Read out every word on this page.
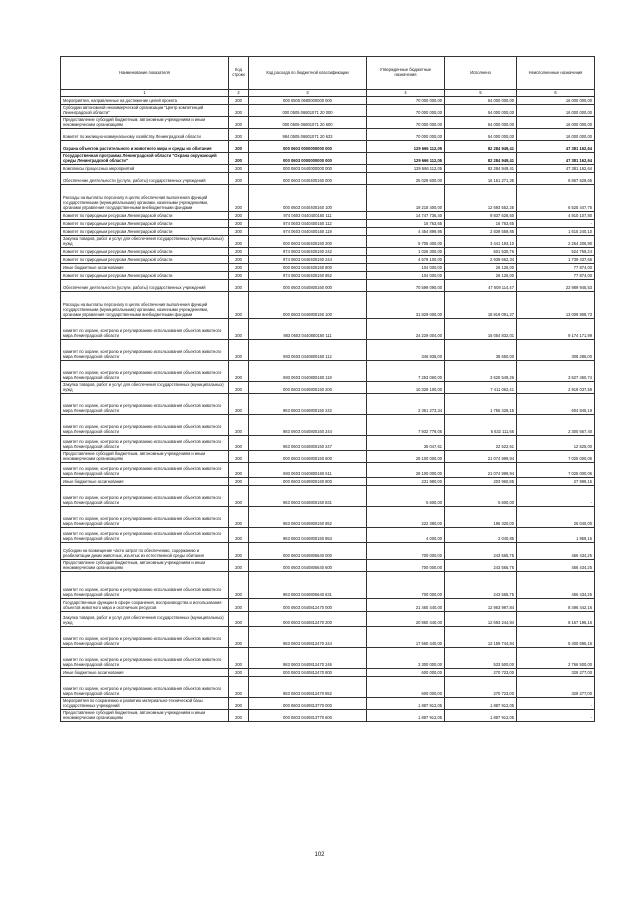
Наименование показателя	Код строки	Код расхода по бюджетной классификации	Утвержденные бюджетные назначения	Исполнено	Неисполненные назначения
1	2	3	4	5	6
Мероприятия, направленные на достижение целей проекта	200	000 0505 0680000000 000	70 000 000,00	54 000 000,00	16 000 000,00
Субсидии автономной некоммерческой организации "Центр компетенций Ленинградской области"	200	000 0505 06801071 20 000	70 000 000,00	54 000 000,00	16 000 000,00
Предоставление субсидий бюджетным, автономным учреждениям и иным некоммерческим организациям	200	000 0505 06801071 20 600	70 000 000,00	54 000 000,00	16 000 000,00
Комитет по жилищно-коммунальному хозяйству Ленинградской области	200	984 0505 06801071 20 633	70 000 000,00	54 000 000,00	16 000 000,00
Охрана объектов растительного и животного мира и среды их обитания	200	000 0603 0000000000 000	129 666 112,05	82 284 949,41	47 381 162,64
Государственная программа Ленинградской области "Охрана окружающей среды Ленинградской области"	200	000 0603 0000000000 000	129 666 112,05	82 284 949,41	47 381 162,64
Комплексы процессных мероприятий	200	000 0603 0440000000 000	129 666 112,05	82 284 949,41	47 381 162,64
Обеспечение деятельности (услуги, работы) государственных учреждений	200	000 0603 0440400160 000	25 029 600,00	16 161 271,35	8 867 528,65
Расходы на выплаты персоналу в целях обеспечения выполнения функций государственными (муниципальными) органами, казенными учреждениями, органами управления государственными внебюджетными фондами	200	000 0603 0440400160 100	19 218 400,00	12 693 552,25	6 525 447,75
Комитет по природным ресурсам Ленинградской области	200	974 0603 0440400160 111	14 747 736,40	9 837 628,60	4 910 107,80
Комитет по природным ресурсам Ленинградской области	200	974 0603 0440400160 112	16 763,65	16 763,65	-
Комитет по природным ресурсам Ленинградской области	200	974 0603 0440400160 119	4 454 899,95	2 839 559,85	1 615 240,10
Закупка товаров, работ и услуг для обеспечения государственных (муниципальных) нужд	200	000 0603 0440400160 200	5 705 400,00	3 441 193,10	2 264 206,90
Комитет по природным ресурсам Ленинградской области	200	974 0603 0440400160 242	1 026 300,00	501 530,76	524 769,24
Комитет по природным ресурсам Ленинградской области	200	974 0603 0440400160 244	4 679 100,00	2 939 662,34	1 739 437,66
Иные бюджетные ассигнования	200	000 0603 0440400160 800	104 000,00	26 126,00	77 874,00
Комитет по природным ресурсам Ленинградской области	200	974 0603 0440400160 852	104 000,00	26 126,00	77 874,00
Обеспечение деятельности (услуги, работы) государственных учреждений	200	000 0603 0440800160 000	70 599 090,00	47 609 114,47	22 989 945,53
Расходы на выплаты персоналу в целях обеспечения выполнения функций государственными (муниципальными) органами, казенными учреждениями, органами управления государственными внебюджетными фондами	200	000 0603 0440800160 100	31 829 000,00	18 819 091,27	13 009 908,73
комитет по охране, контролю и регулированию использования объектов животного мира Ленинградской области	200	983 0603 0440800160 111	24 229 004,00	15 054 832,01	9 174 171,99
комитет по охране, контролю и регулированию использования объектов животного мира Ленинградской области	200	983 0603 0440800160 112	346 936,00	38 650,00	308 286,00
комитет по охране, контролю и регулированию использования объектов животного мира Ленинградской области	200	983 0603 0440800160 119	7 253 060,00	3 625 549,26	3 527 450,74
Закупка товаров, работ и услуг для обеспечения государственных (муниципальных) нужд	200	000 0603 0440800160 200	10 329 100,00	7 411 062,41	2 918 037,59
комитет по охране, контролю и регулированию использования объектов животного мира Ленинградской области	200	983 0603 0440800160 242	2 361 273,34	1 756 428,15	604 845,19
комитет по охране, контролю и регулированию использования объектов животного мира Ленинградской области	200	983 0603 0440800160 244	7 932 779,05	5 632 111,65	2 300 667,40
комитет по охране, контролю и регулированию использования объектов животного мира Ленинградской области	200	983 0603 0440800160 247	35 047,61	22 522,61	12 525,00
Предоставление субсидий бюджетным, автономным учреждениям и иным некоммерческим организациям	200	000 0603 0440800160 600	28 100 000,00	21 074 999,94	7 025 000,06
комитет по охране, контролю и регулированию использования объектов животного мира Ленинградской области	200	983 0603 0440800160 611	28 100 000,00	21 074 999,94	7 025 000,06
Иные бюджетные ассигнования	200	000 0603 0440800160 800	231 980,00	203 960,85	27 999,15
комитет по охране, контролю и регулированию использования объектов животного мира Ленинградской области	200	983 0603 0440800160 831	5 600,00	5 600,00	-
комитет по охране, контролю и регулированию использования объектов животного мира Ленинградской области	200	983 0603 0440800160 852	222 380,00	196 320,00	26 040,00
комитет по охране, контролю и регулированию использования объектов животного мира Ленинградской области	200	983 0603 0440800160 853	4 000,00	2 040,85	1 959,15
Субсидии на возмещение части затрат по обеспечению, содержанию и реабилитации диких животных, изъятых из естественной среды обитания	200	000 0603 0440806640 000	700 000,00	243 565,75	456 434,25
Предоставление субсидий бюджетным, автономным учреждениям и иным некоммерческим организациям	200	000 0603 0440806640 600	700 000,00	243 565,75	456 434,25
комитет по охране, контролю и регулированию использования объектов животного мира Ленинградской области	200	983 0603 0440806640 631	700 000,00	243 565,75	456 434,25
Государственные функции в сфере сохранения, воспроизводства и использования объектов животного мира и охотничьих ресурсов	200	000 0603 0440812470 000	21 460 440,00	12 963 997,84	8 496 442,16
Закупка товаров, работ и услуг для обеспечения государственных (муниципальных) нужд	200	000 0603 0440812470 200	20 860 440,00	12 693 244,84	8 167 195,16
комитет по охране, контролю и регулированию использования объектов животного мира Ленинградской области	200	983 0603 0440812470 244	17 560 440,00	12 159 744,84	5 400 695,16
комитет по охране, контролю и регулированию использования объектов животного мира Ленинградской области	200	983 0603 0440812470 246	3 300 000,00	533 500,00	2 766 500,00
Иные бюджетные ассигнования	200	000 0603 0440812470 800	600 000,00	270 723,00	329 277,00
комитет по охране, контролю и регулированию использования объектов животного мира Ленинградской области	200	983 0603 0440812470 852	600 000,00	270 723,00	329 277,00
Мероприятия по сохранению и развитию материально-технической базы государственных учреждений	200	000 0603 0440813770 000	1 887 912,05	1 887 912,05	-
Предоставление субсидий бюджетным, автономным учреждениям и иным некоммерческим организациям	200	000 0603 0440813770 600	1 887 912,05	1 887 912,05	-
102
